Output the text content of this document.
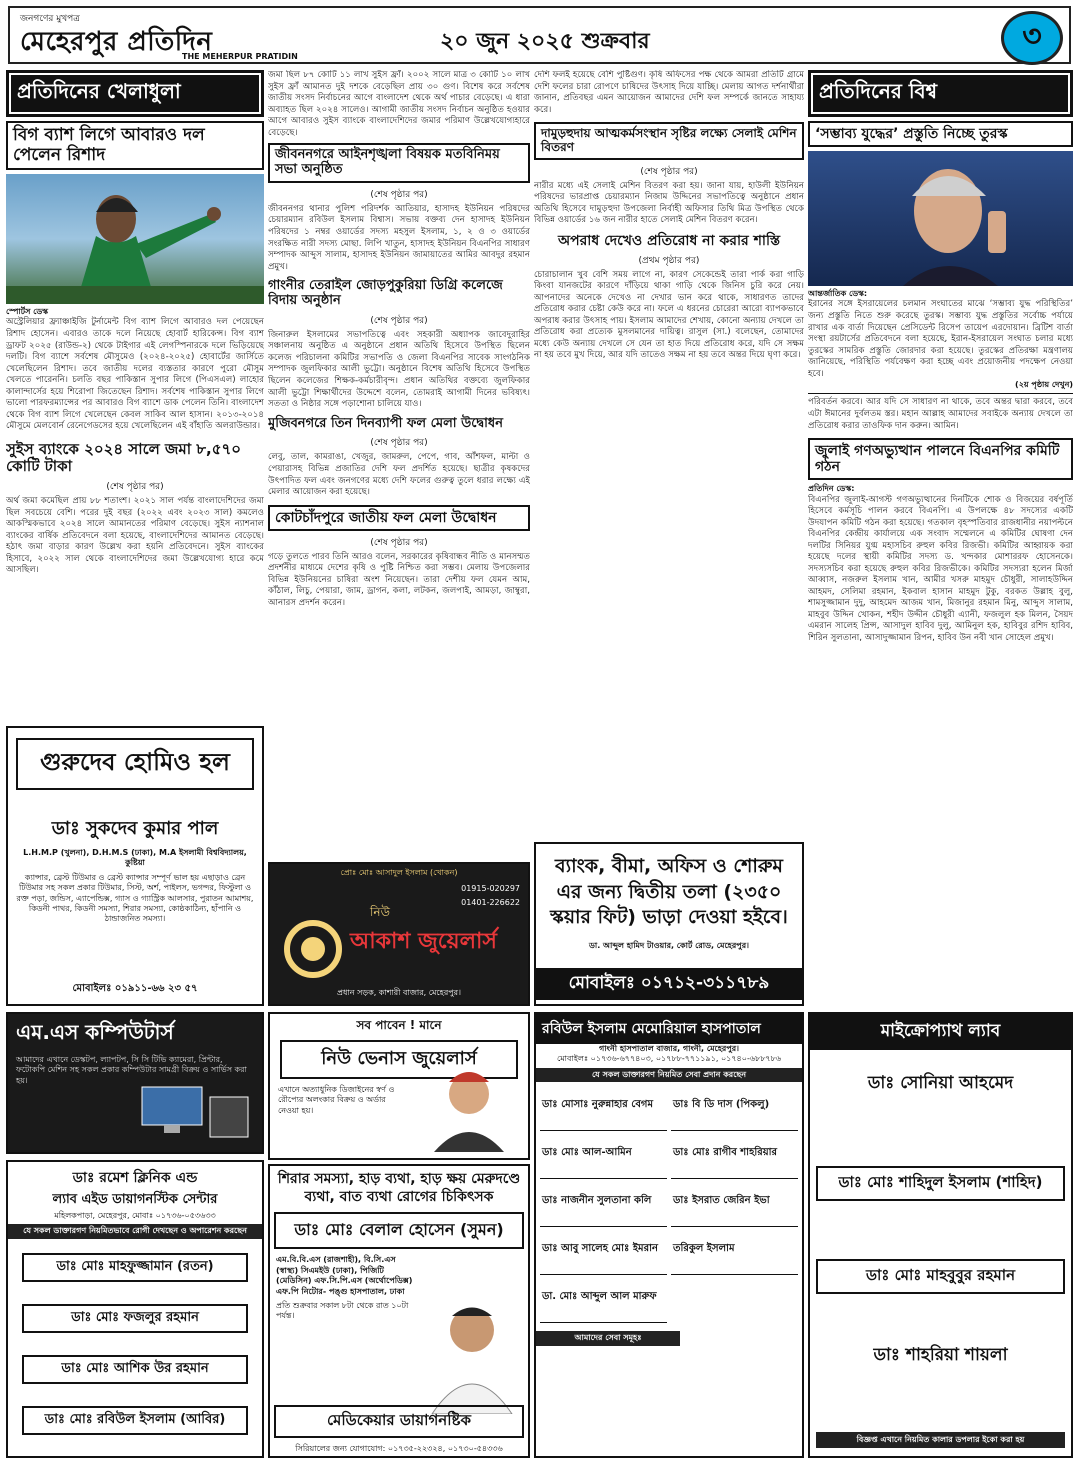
জনগণের মুখপত্র
মেহেরপুর প্রতিদিন
THE MEHERPUR PRATIDIN
২০ জুন ২০২৫ শুক্রবার	৩
প্রতিদিনের খেলাধুলা
বিগ ব্যাশ লিগে আবারও দল পেলেন রিশাদ
স্পোর্টস ডেস্ক
অস্ট্রেলিয়ার ফ্র্যাঞ্চাইজি টুর্নামেন্ট বিগ ব্যাশ লিগে আবারও দল পেয়েছেন রিশাদ হোসেন। এবারও তাকে দলে নিয়েছে হোবার্ট হারিকেন্স। বিগ ব্যাশ ড্রাফট ২০২৫ (রাউন্ড-২) থেকে টাইগার এই লেগস্পিনারকে দলে ভিড়িয়েছে দলটি। বিগ ব্যাশে সর্বশেষ মৌসুমেও (২০২৪-২০২৫) হোবার্টের জার্সিতে খেলেছিলেন রিশাদ। তবে জাতীয় দলের ব্যস্ততার কারণে পুরো মৌসুম খেলতে পারেননি। চলতি বছর পাকিস্তান সুপার লিগে (পিএসএল) লাহোর কালান্দার্সের হয়ে শিরোপা জিতেছেন রিশাদ। সর্বশেষ পাকিস্তান সুপার লিগে ভালো পারফরম্যান্সের পর আবারও বিগ ব্যাশে ডাক পেলেন তিনি। বাংলাদেশ থেকে বিগ ব্যাশ লিগে খেলেছেন কেবল সাকিব আল হাসান। ২০১৩-২০১৪ মৌসুমে মেলবোর্ন রেনেগেডসের হয়ে খেলেছিলেন এই বাঁহাতি অলরাউন্ডার।
সুইস ব্যাংকে ২০২৪ সালে জমা ৮,৫৭০ কোটি টাকা
(শেষ পৃষ্ঠার পর)
অর্থ জমা কমেছিল প্রায় ৮৮ শতাংশ। ২০২১ সাল পর্যন্ত বাংলাদেশিদের জমা ছিল সবচেয়ে বেশি। পরের দুই বছর (২০২২ এবং ২০২৩ সাল) কমলেও আকস্মিকভাবে ২০২৪ সালে আমানতের পরিমাণ বেড়েছে। সুইস ন্যাশনাল ব্যাংকের বার্ষিক প্রতিবেদনে বলা হয়েছে, বাংলাদেশিদের আমানত বেড়েছে। হঠাৎ জমা বাড়ার কারণ উল্লেখ করা হয়নি প্রতিবেদনে। সুইস ব্যাংকের হিসাবে, ২০২২ সাল থেকে বাংলাদেশিদের জমা উল্লেখযোগ্য হারে কমে আসছিল।
জমা ছিল ৮৭ কোটি ১১ লাখ সুইস ফ্রাঁ। ২০০২ সালে মাত্র ৩ কোটি ১০ লাখ সুইস ফ্রাঁ আমানত দুই দশকে বেড়েছিল প্রায় ৩০ গুণ। বিশেষ করে সর্বশেষ জাতীয় সংসদ নির্বাচনের আগে বাংলাদেশ থেকে অর্থ পাচার বেড়েছে। এ ধারা অব্যাহত ছিল ২০২৪ সালেও। আগামী জাতীয় সংসদ নির্বাচন অনুষ্ঠিত হওয়ার আগে আবারও সুইস ব্যাংকে বাংলাদেশিদের জমার পরিমাণ উল্লেখযোগ্যহারে বেড়েছে।
জীবননগরে আইনশৃঙ্খলা বিষয়ক মতবিনিময় সভা অনুষ্ঠিত
(শেষ পৃষ্ঠার পর)
জীবননগর থানার পুলিশ পরিদর্শক আতিয়ার, হাসাদহ ইউনিয়ন পরিষদের চেয়ারম্যান রবিউল ইসলাম বিশ্বাস। সভায় বক্তব্য দেন হাসাদহ ইউনিয়ন পরিষদের ১ নম্বর ওয়ার্ডের সদস্য মহসুল ইসলাম, ১, ২ ও ৩ ওয়ার্ডের সংরক্ষিত নারী সদস্য মোছা. লিপি খাতুন, হাসাদহ ইউনিয়ন বিএনপির সাধারণ সম্পাদক আব্দুস সালাম, হাসাদহ ইউনিয়ন জামায়াতের আমির আবদুর রহমান প্রমুখ।
গাংনীর তেরাইল জোড়পুকুরিয়া ডিগ্রি কলেজে বিদায় অনুষ্ঠান
(শেষ পৃষ্ঠার পর)
জিনারুল ইসলামের সভাপতিত্বে এবং সহকারী অধ্যাপক জাবেদুরাহির সঞ্চালনায় অনুষ্ঠিত এ অনুষ্ঠানে প্রধান অতিথি হিসেবে উপস্থিত ছিলেন কলেজ পরিচালনা কমিটির সভাপতি ও জেলা বিএনপির সাবেক সাংগঠনিক সম্পাদক জুলফিকার আলী ভুট্টো। অনুষ্ঠানে বিশেষ অতিথি হিসেবে উপস্থিত ছিলেন কলেজের শিক্ষক-কর্মচারীবৃন্দ। প্রধান অতিথির বক্তব্যে জুলফিকার আলী ভুট্টো শিক্ষার্থীদের উদ্দেশে বলেন, তোমরাই আগামী দিনের ভবিষ্যৎ। সততা ও নিষ্ঠার সঙ্গে পড়াশোনা চালিয়ে যাও।
মুজিবনগরে তিন দিনব্যাপী ফল মেলা উদ্বোধন
(শেষ পৃষ্ঠার পর)
লেবু, তাল, কামরাঙা, খেজুর, জামরুল, পেপে, গাব, আঁশফল, মাল্টা ও পেয়ারাসহ বিভিন্ন প্রজাতির দেশি ফল প্রদর্শিত হয়েছে। ছাত্রীর কৃষকদের উৎপাদিত ফল এবং জনগণের মধ্যে দেশি ফলের গুরুত্ব তুলে ধরার লক্ষ্যে এই মেলার আয়োজন করা হয়েছে।
কোটচাঁদপুরে জাতীয় ফল মেলা উদ্বোধন
(শেষ পৃষ্ঠার পর)
গড়ে তুলতে পারব তিনি আরও বলেন, সরকারের কৃষিবান্ধব নীতি ও মানসম্মত প্রদর্শনীর মাধ্যমে দেশের কৃষি ও পুষ্টি নিশ্চিত করা সম্ভব। মেলায় উপজেলার বিভিন্ন ইউনিয়নের চাষিরা অংশ নিয়েছেন। তারা দেশীয় ফল যেমন আম, কাঁঠাল, লিচু, পেয়ারা, জাম, ড্রাগন, কলা, লটকন, জলপাই, আমড়া, জাম্বুরা, আনারস প্রদর্শন করেন।
দেশি ফলই হয়েছে বেশি পুষ্টিগুণ। কৃষি অফিসের পক্ষ থেকে আমরা প্রতিটি গ্রামে দেশি ফলের চারা রোপণে চাষিদের উৎসাহ দিয়ে যাচ্ছি। মেলায় আগত দর্শনার্থীরা জানান, প্রতিবছর এমন আয়োজন আমাদের দেশি ফল সম্পর্কে জানতে সাহায্য করে।
দামুড়হুদায় আত্মকর্মসংস্থান সৃষ্টির লক্ষ্যে সেলাই মেশিন বিতরণ
(শেষ পৃষ্ঠার পর)
নারীর মধ্যে এই সেলাই মেশিন বিতরণ করা হয়। জানা যায়, হাউলী ইউনিয়ন পরিষদের ভারপ্রাপ্ত চেয়ারম্যান নিজাম উদ্দিনের সভাপতিত্বে অনুষ্ঠানে প্রধান অতিথি হিসেবে দামুড়হুদা উপজেলা নির্বাহী অফিসার তিথি মিত্র উপস্থিত থেকে বিভিন্ন ওয়ার্ডের ১৬ জন নারীর হাতে সেলাই মেশিন বিতরণ করেন।
অপরাধ দেখেও প্রতিরোধ না করার শাস্তি
(প্রথম পৃষ্ঠার পর)
চোরাচালান খুব বেশি সময় লাগে না, কারণ সেকেন্ডেই তারা পার্ক করা গাড়ি কিংবা যানজটের কারণে দাঁড়িয়ে থাকা গাড়ি থেকে জিনিস চুরি করে নেয়। আপনাদের অনেকে দেখেও না দেখার ভান করে থাকে, সাধারণত তাদের প্রতিরোধ করার চেষ্টা কেউ করে না। ফলে এ ধরনের চোরেরা আরো ব্যাপকভাবে অপরাধ করার উৎসাহ পায়। ইসলাম আমাদের শেখায়, কোনো অন্যায় দেখলে তা প্রতিরোধ করা প্রত্যেক মুসলমানের দায়িত্ব। রাসুল (সা.) বলেছেন, তোমাদের মধ্যে কেউ অন্যায় দেখলে সে যেন তা হাত দিয়ে প্রতিরোধ করে, যদি সে সক্ষম না হয় তবে মুখ দিয়ে, আর যদি তাতেও সক্ষম না হয় তবে অন্তর দিয়ে ঘৃণা করে।
প্রতিদিনের বিশ্ব
‘সম্ভাব্য যুদ্ধের’ প্রস্তুতি নিচ্ছে তুরস্ক
আন্তর্জাতিক ডেস্ক:
ইরানের সঙ্গে ইসরায়েলের চলমান সংঘাতের মাঝে ‘সম্ভাব্য যুদ্ধ পরিস্থিতির’ জন্য প্রস্তুতি নিতে শুরু করেছে তুরস্ক। সম্ভাব্য যুদ্ধ প্রস্তুতির সর্বোচ্চ পর্যায়ে রাখার এক বার্তা দিয়েছেন প্রেসিডেন্ট রিসেপ তায়েপ এরদোয়ান। ব্রিটিশ বার্তা সংস্থা রয়টার্সের প্রতিবেদনে বলা হয়েছে, ইরান-ইসরায়েল সংঘাত চলার মধ্যে তুরস্কের সামরিক প্রস্তুতি জোরদার করা হয়েছে। তুরস্কের প্রতিরক্ষা মন্ত্রণালয় জানিয়েছে, পরিস্থিতি পর্যবেক্ষণ করা হচ্ছে এবং প্রয়োজনীয় পদক্ষেপ নেওয়া হবে।
(২য় পৃষ্ঠায় দেখুন)
পরিবর্তন করবে। আর যদি সে সাধারণ না থাকে, তবে অন্তর দ্বারা করবে, তবে এটা ঈমানের দুর্বলতম স্তর। মহান আল্লাহ আমাদের সবাইকে অন্যায় দেখলে তা প্রতিরোধ করার তাওফিক দান করুন। আমিন।
জুলাই গণঅভ্যুত্থান পালনে বিএনপির কমিটি গঠন
প্রতিদিন ডেস্ক:
বিএনপির জুলাই-আগস্ট গণঅভ্যুত্থানের দিনটিকে শোক ও বিজয়ের বর্ষপূর্তি হিসেবে কর্মসূচি পালন করবে বিএনপি। এ উপলক্ষে ৪৮ সদস্যের একটি উদযাপন কমিটি গঠন করা হয়েছে। গতকাল বৃহস্পতিবার রাজধানীর নয়াপল্টনে বিএনপির কেন্দ্রীয় কার্যালয়ে এক সংবাদ সম্মেলনে এ কমিটির ঘোষণা দেন দলটির সিনিয়র যুগ্ম মহাসচিব রুহুল কবির রিজভী। কমিটির আহ্বায়ক করা হয়েছে দলের স্থায়ী কমিটির সদস্য ড. খন্দকার মোশাররফ হোসেনকে। সদস্যসচিব করা হয়েছে রুহুল কবির রিজভীকে। কমিটির সদস্যরা হলেন মির্জা আব্বাস, নজরুল ইসলাম খান, আমীর খসরু মাহমুদ চৌধুরী, সালাহউদ্দিন আহমদ, সেলিমা রহমান, ইকবাল হাসান মাহমুদ টুকু, বরকত উল্লাহ বুলু, শামসুজ্জামান দুদু, আহমেদ আজম খান, মিজানুর রহমান মিনু, আব্দুস সালাম, মাহবুব উদ্দিন খোকন, শহীদ উদ্দীন চৌধুরী এ্যানী, ফজলুল হক মিলন, সৈয়দ এমরান সালেহ প্রিন্স, আসাদুল হাবিব দুলু, আমিনুল হক, হাবিবুর রশিদ হাবিব, শিরিন সুলতানা, আসাদুজ্জামান রিপন, হাবিব উন নবী খান সোহেল প্রমুখ।
গুরুদেব হোমিও হল
ডাঃ সুকদেব কুমার পাল
L.H.M.P (খুলনা), D.H.M.S (ঢাকা), M.A ইসলামী বিশ্ববিদ্যালয়, কুষ্টিয়া
ক্যান্সার, ব্রেস্ট টিউমার ও ব্রেস্ট ক্যান্সার সম্পূর্ণ ভাল হয় এছাড়াও ব্রেন টিউমার সহ সকল প্রকার টিউমার, সিস্ট, অর্শ, পাইলস, ভগন্দর, ফিস্টুলা ও রক্ত পড়া, জন্ডিস, এ্যাপেন্ডিক্স, গ্যাস ও গ্যাস্ট্রিক আলসার, পুরাতন আমাশয়, কিডনী পাথর, কিডনী সমস্যা, শিরার সমস্যা, কোষ্ঠকাঠিন্য, হাঁপানি ও ঠান্ডাজনিত সমস্যা।
মোবাইলঃ ০১৯১১-৬৬ ২৩ ৫৭
প্রোঃ মোঃ আসাদুল ইসলাম (খোকন)
01915-020297
01401-226622
নিউ
আকাশ জুয়েলার্স
প্রধান সড়ক, কাশারী বাজার, মেহেরপুর।
ব্যাংক, বীমা, অফিস ও শোরুম এর জন্য দ্বিতীয় তলা (২৩৫০ স্কয়ার ফিট) ভাড়া দেওয়া হইবে।
ডা. আব্দুল হামিদ টাওয়ার, কোর্ট রোড, মেহেরপুর।
মোবাইলঃ ০১৭১২-৩১১৭৮৯
এম.এস কম্পিউটার্স
আমাদের এখানে ডেস্কটপ, ল্যাপটপ, সি সি টিভি ক্যামেরা, প্রিন্টার, ফটোকপি মেশিন সহ সকল প্রকার কম্পিউটার সামগ্রী বিক্রয় ও সার্ভিস করা হয়।
সব পাবেন ! মানে
নিউ ভেনাস জুয়েলার্স
এখানে অত্যাধুনিক ডিজাইনের স্বর্ণ ও রৌপ্যের অলংকার বিক্রয় ও অর্ডার নেওয়া হয়।
রবিউল ইসলাম মেমোরিয়াল হাসপাতাল
গাংনী হাসপাতাল বাজার, গাংনী, মেহেরপুর।
মোবাইলঃ ০১৭৩৬-৬৭৭৪০৩, ০১৭৮৮-৭৭১১৯১, ০১৭৪০-৬৮৮৭৮৬
যে সকল ডাক্তারগণ নিয়মিত সেবা প্রদান করছেন
ডাঃ মোসাঃ নুরুন্নাহার বেগম	ডাঃ বি ডি দাস (পিকলু)
ডাঃ মোঃ আল-আমিন	ডাঃ মোঃ রাগীব শাহরিয়ার
ডাঃ নাজনীন সুলতানা কলি	ডাঃ ইসরাত জেরিন ইভা
ডাঃ আবু সালেহ মোঃ ইমরান	তরিকুল ইসলাম
ডা. মোঃ আব্দুল আল মারুফ
আমাদের সেবা সমূহঃ
মাইক্রোপ্যাথ ল্যাব
ডাঃ সোনিয়া আহমেদ
ডাঃ মোঃ শাহিদুল ইসলাম (শাহিদ)
ডাঃ মোঃ মাহবুবুর রহমান
ডাঃ শাহরিয়া শায়লা
বিজ্ঞপ্ত এখানে নিয়মিত কালার ডপলার ইকো করা হয়
ডাঃ রমেশ ক্লিনিক এন্ড
ল্যাব এইড ডায়াগনস্টিক সেন্টার
মহিলকপাড়া, মেহেরপুর, মোবাঃ ০১৭৩৬-০৫৩৬৩৩
যে সকল ডাক্তারগণ নিয়মিতভাবে রোগী দেখছেন ও অপারেশন করছেন
ডাঃ মোঃ মাহফুজ্জামান (রতন)
ডাঃ মোঃ ফজলুর রহমান
ডাঃ মোঃ আশিক উর রহমান
ডাঃ মোঃ রবিউল ইসলাম (আবির)
শিরার সমস্যা, হাড় ব্যথা, হাড় ক্ষয় মেরুদণ্ডে ব্যথা, বাত ব্যথা রোগের চিকিৎসক
ডাঃ মোঃ বেলাল হোসেন (সুমন)
এম.বি.বি.এস (রাজশাহী), বি.সি.এস (স্বাস্থ্য) সিএমইউ (ঢাকা), পিজিটি (মেডিসিন) এফ.সি.পি.এস (অর্থোপেডিক্স) এফ.পি নিটোর- পঙ্গু হাসপাতাল, ঢাকা
প্রতি শুক্রবার সকাল ৮টা থেকে রাত ১০টা পর্যন্ত।
মেডিকেয়ার ডায়াগনষ্টিক
সিরিয়ালের জন্য যোগাযোগ: ০১৭৩৫-২২৩২৪, ০১৭৩০-৫৪৩৩৬
